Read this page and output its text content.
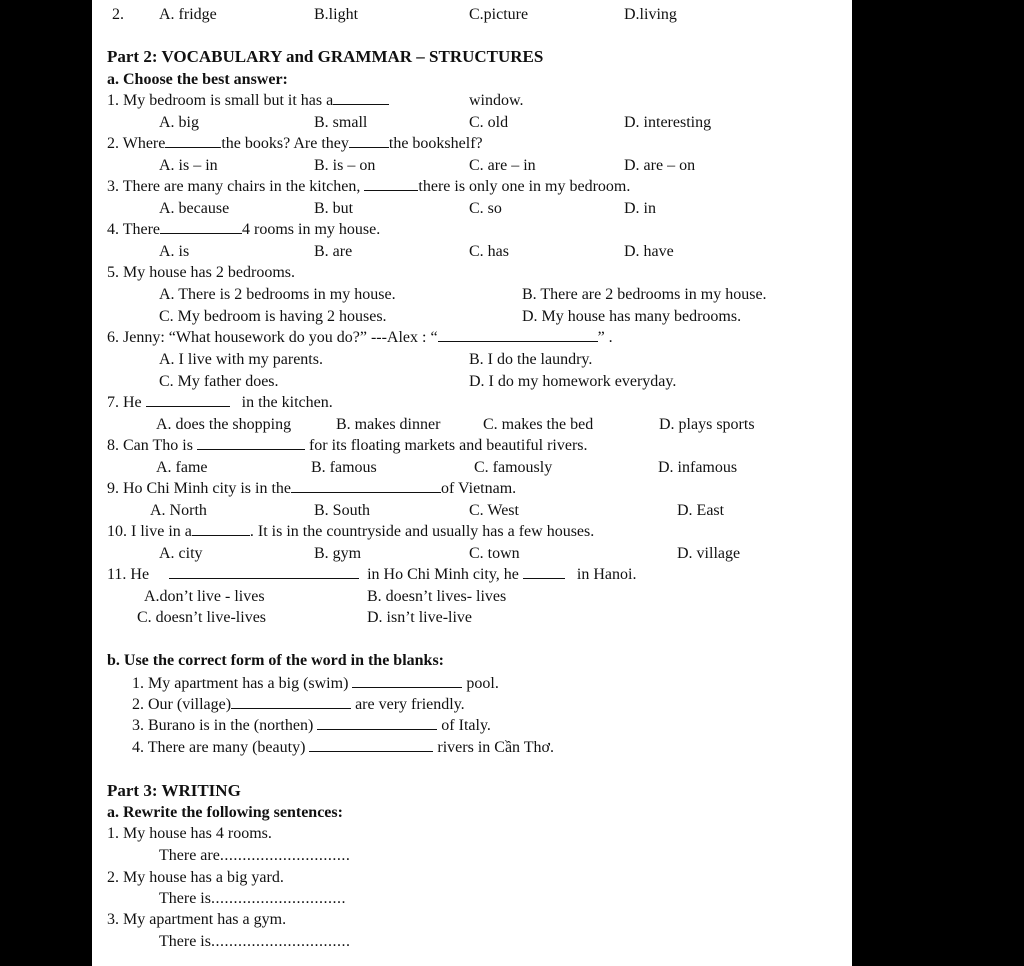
2. A. fridge	B.light	C.picture	D.living
Part 2: VOCABULARY and GRAMMAR – STRUCTURES
a. Choose the best answer:
1. My bedroom is small but it has a	window.
A. big	B. small	C. old	D. interesting
2. Where	the books? Are they	the bookshelf?
A. is – in	B. is – on	C. are – in	D. are – on
3. There are many chairs in the kitchen,	there is only one in my bedroom.
A. because	B. but	C. so	D. in
4. There	4 rooms in my house.
A. is	B. are	C. has	D. have
5. My house has 2 bedrooms.
A. There is 2 bedrooms in my house.	B. There are 2 bedrooms in my house.
C. My bedroom is having 2 houses.	D. My house has many bedrooms.
6. Jenny: “What housework do you do?” ---Alex : “	” .
A. I live with my parents.	B. I do the laundry.
C. My father does.	D. I do my homework everyday.
7. He	in the kitchen.
A. does the shopping	B. makes dinner	C. makes the bed	D. plays sports
8. Can Tho is	for its floating markets and beautiful rivers.
A. fame	B. famous	C. famously	D. infamous
9. Ho Chi Minh city is in the	of Vietnam.
A. North	B. South	C. West	D. East
10. I live in a	. It is in the countryside and usually has a few houses.
A. city	B. gym	C. town	D. village
11. He	in Ho Chi Minh city, he	in Hanoi.
A.don’t live - lives	B. doesn’t lives- lives
C. doesn’t live-lives	D. isn’t live-live
b. Use the correct form of the word in the blanks:
1. My apartment has a big (swim)	pool.
2. Our (village)	are very friendly.
3. Burano is in the (northen)	of Italy.
4. There are many (beauty)	rivers in Cần Thơ.
Part 3: WRITING
a. Rewrite the following sentences:
1. My house has 4 rooms.
There are.............................
2. My house has a big yard.
There is..............................
3. My apartment has a gym.
There is...............................
